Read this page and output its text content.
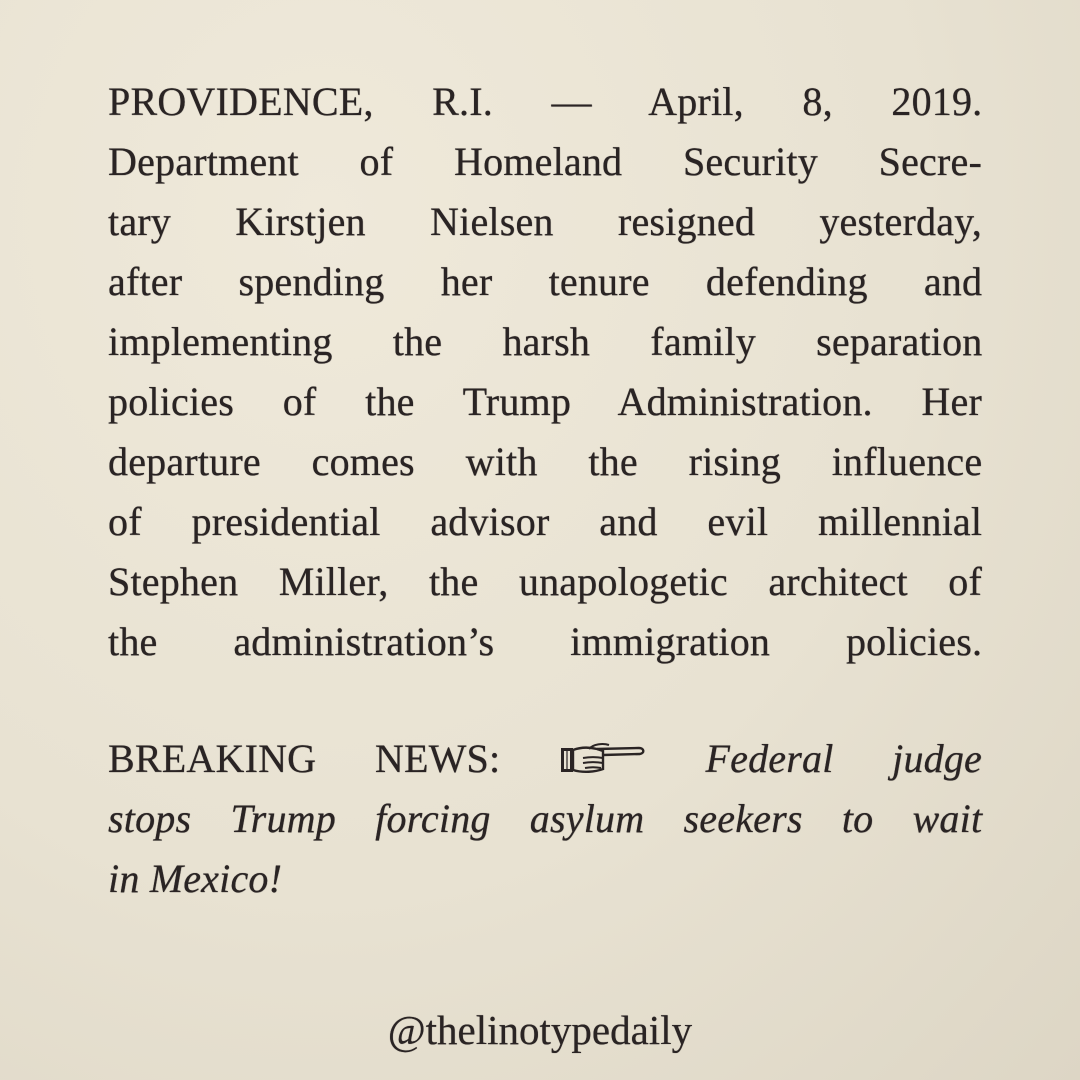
PROVIDENCE, R.I. — April, 8, 2019.
Department of Homeland Security Secre-
tary Kirstjen Nielsen resigned yesterday,
after spending her tenure defending and
implementing the harsh family separation
policies of the Trump Administration. Her
departure comes with the rising influence
of presidential advisor and evil millennial
Stephen Miller, the unapologetic architect of
the administration’s immigration policies.
BREAKING NEWS:	Federal judge
stops Trump forcing asylum seekers to wait
in Mexico!
@thelinotypedaily
